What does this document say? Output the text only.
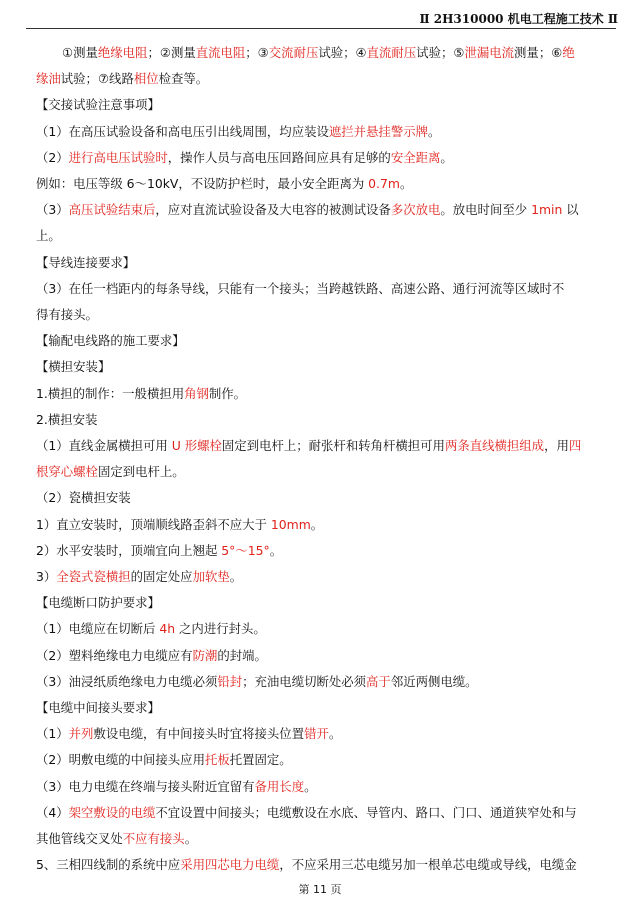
Ⅱ 2H310000 机电工程施工技术 Ⅱ
①测量绝缘电阻；②测量直流电阻；③交流耐压试验；④直流耐压试验；⑤泄漏电流测量；⑥绝
缘油试验；⑦线路相位检查等。
【交接试验注意事项】
（1）在高压试验设备和高电压引出线周围，均应装设遮拦并悬挂警示牌。
（2）进行高电压试验时，操作人员与高电压回路间应具有足够的安全距离。
例如：电压等级 6～10kV，不设防护栏时，最小安全距离为 0.7m。
（3）高压试验结束后，应对直流试验设备及大电容的被测试设备多次放电。放电时间至少 1min 以
上。
【导线连接要求】
（3）在任一档距内的每条导线，只能有一个接头；当跨越铁路、高速公路、通行河流等区域时不
得有接头。
【输配电线路的施工要求】
【横担安装】
1.横担的制作：一般横担用角钢制作。
2.横担安装
（1）直线金属横担可用 U 形螺栓固定到电杆上；耐张杆和转角杆横担可用两条直线横担组成，用四
根穿心螺栓固定到电杆上。
（2）瓷横担安装
1）直立安装时，顶端顺线路歪斜不应大于 10mm。
2）水平安装时，顶端宜向上翘起 5°～15°。
3）全瓷式瓷横担的固定处应加软垫。
【电缆断口防护要求】
（1）电缆应在切断后 4h 之内进行封头。
（2）塑料绝缘电力电缆应有防潮的封端。
（3）油浸纸质绝缘电力电缆必须铅封；充油电缆切断处必须高于邻近两侧电缆。
【电缆中间接头要求】
（1）并列敷设电缆，有中间接头时宜将接头位置错开。
（2）明敷电缆的中间接头应用托板托置固定。
（3）电力电缆在终端与接头附近宜留有备用长度。
（4）架空敷设的电缆不宜设置中间接头；电缆敷设在水底、导管内、路口、门口、通道狭窄处和与
其他管线交叉处不应有接头。
5、三相四线制的系统中应采用四芯电力电缆，不应采用三芯电缆另加一根单芯电缆或导线，电缆金
第 11 页
